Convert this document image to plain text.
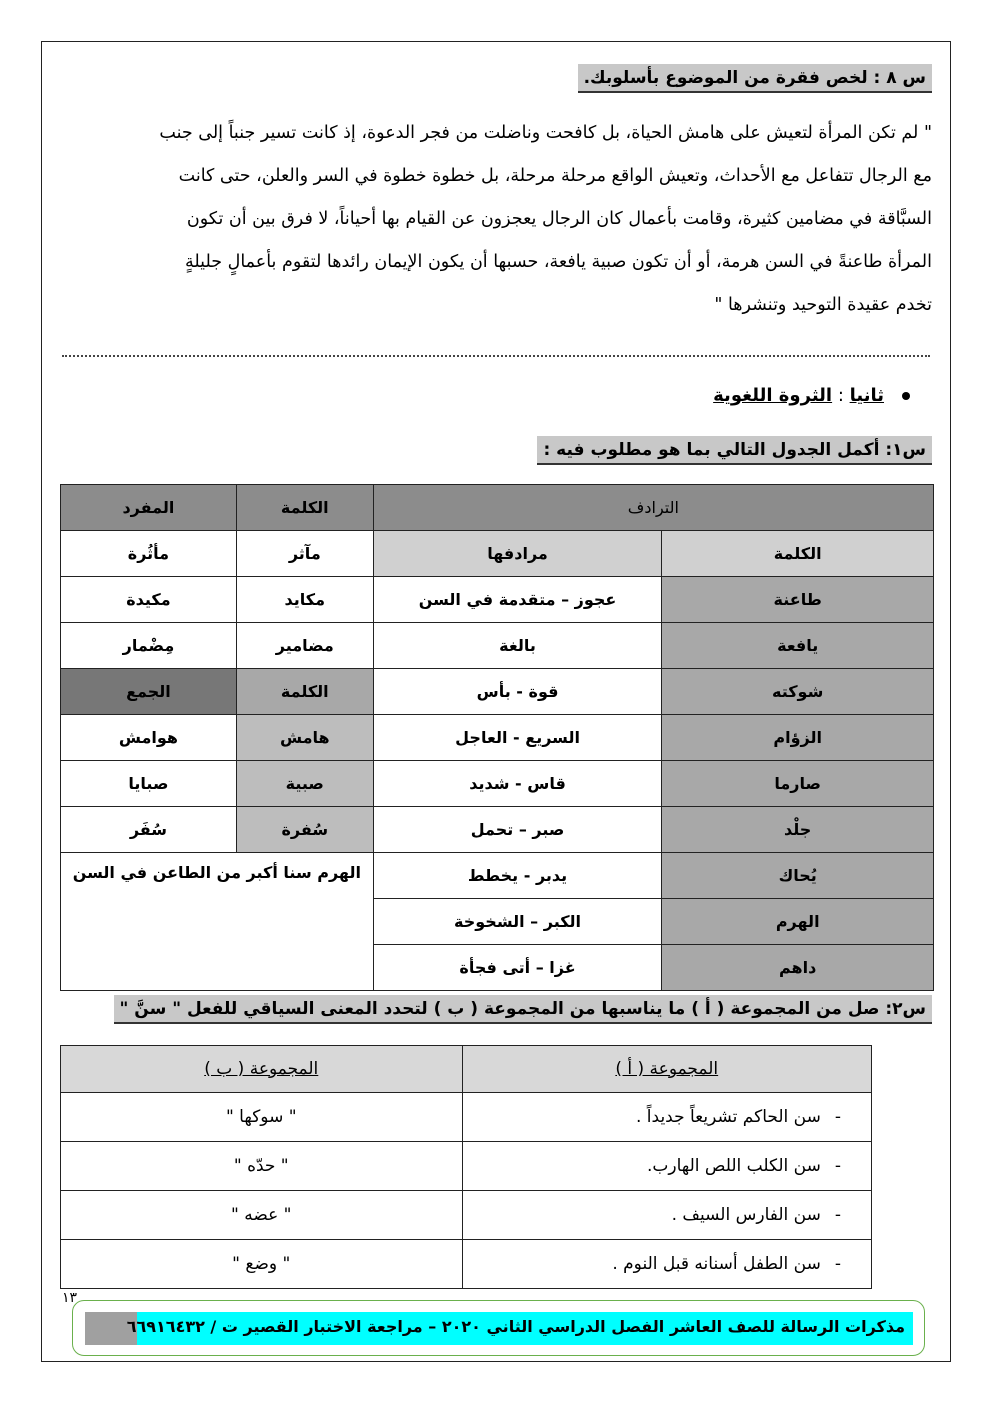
س ٨ : لخص فقرة من الموضوع بأسلوبك.

" لم تكن المرأة لتعيش على هامش الحياة، بل كافحت وناضلت من فجر الدعوة، إذ كانت تسير جنباً إلى جنب

مع الرجال تتفاعل مع الأحداث، وتعيش الواقع مرحلة مرحلة، بل خطوة خطوة في السر والعلن، حتى كانت

السبَّاقة في مضامين كثيرة، وقامت بأعمال كان الرجال يعجزون عن القيام بها أحياناً، لا فرق بين أن تكون

المرأة طاعنةً في السن هرمة، أو أن تكون صبية يافعة، حسبها أن يكون الإيمان رائدها لتقوم بأعمالٍ جليلةٍ

تخدم عقيدة التوحيد وتنشرها "

ثانيا : الثروة اللغوية
س١: أكمل الجدول التالي بما هو مطلوب فيه :
الترادف		الكلمة	المفرد
الكلمة	مرادفها	مآثر	مأثُرة
طاعنة	عجوز – متقدمة في السن	مكايد	مكيدة
يافعة	بالغة	مضامير	مِضْمار
شوكته	قوة - بأس	الكلمة	الجمع
الزؤام	السريع - العاجل	هامش	هوامش
صارما	قاس - شديد	صبية	صبايا
جلْد	صبر – تحمل	سُفرة	سُفَر
يُحاك	يدبر - يخطط	الهرم سنا أكبر من الطاعن في السن	
الهرم	الكبر – الشخوخة		
داهم	غزا – أتى فجأة		
س٢: صل من المجموعة ( أ ) ما يناسبها من المجموعة ( ب ) لتحدد المعنى السياقي للفعل " سنَّ "
المجموعة ( أ )	المجموعة ( ب )
-سن الحاكم تشريعاً جديداً .	" سوكها "
-سن الكلب اللص الهارب.	" حدّه "
-سن الفارس السيف .	" عضه "
-سن الطفل أسنانه قبل النوم .	" وضع "
١٣
مذكرات الرسالة للصف العاشر الفصل الدراسي الثاني ٢٠٢٠ – مراجعة الاختبار القصير ت / ٦٦٩١٦٤٣٢
